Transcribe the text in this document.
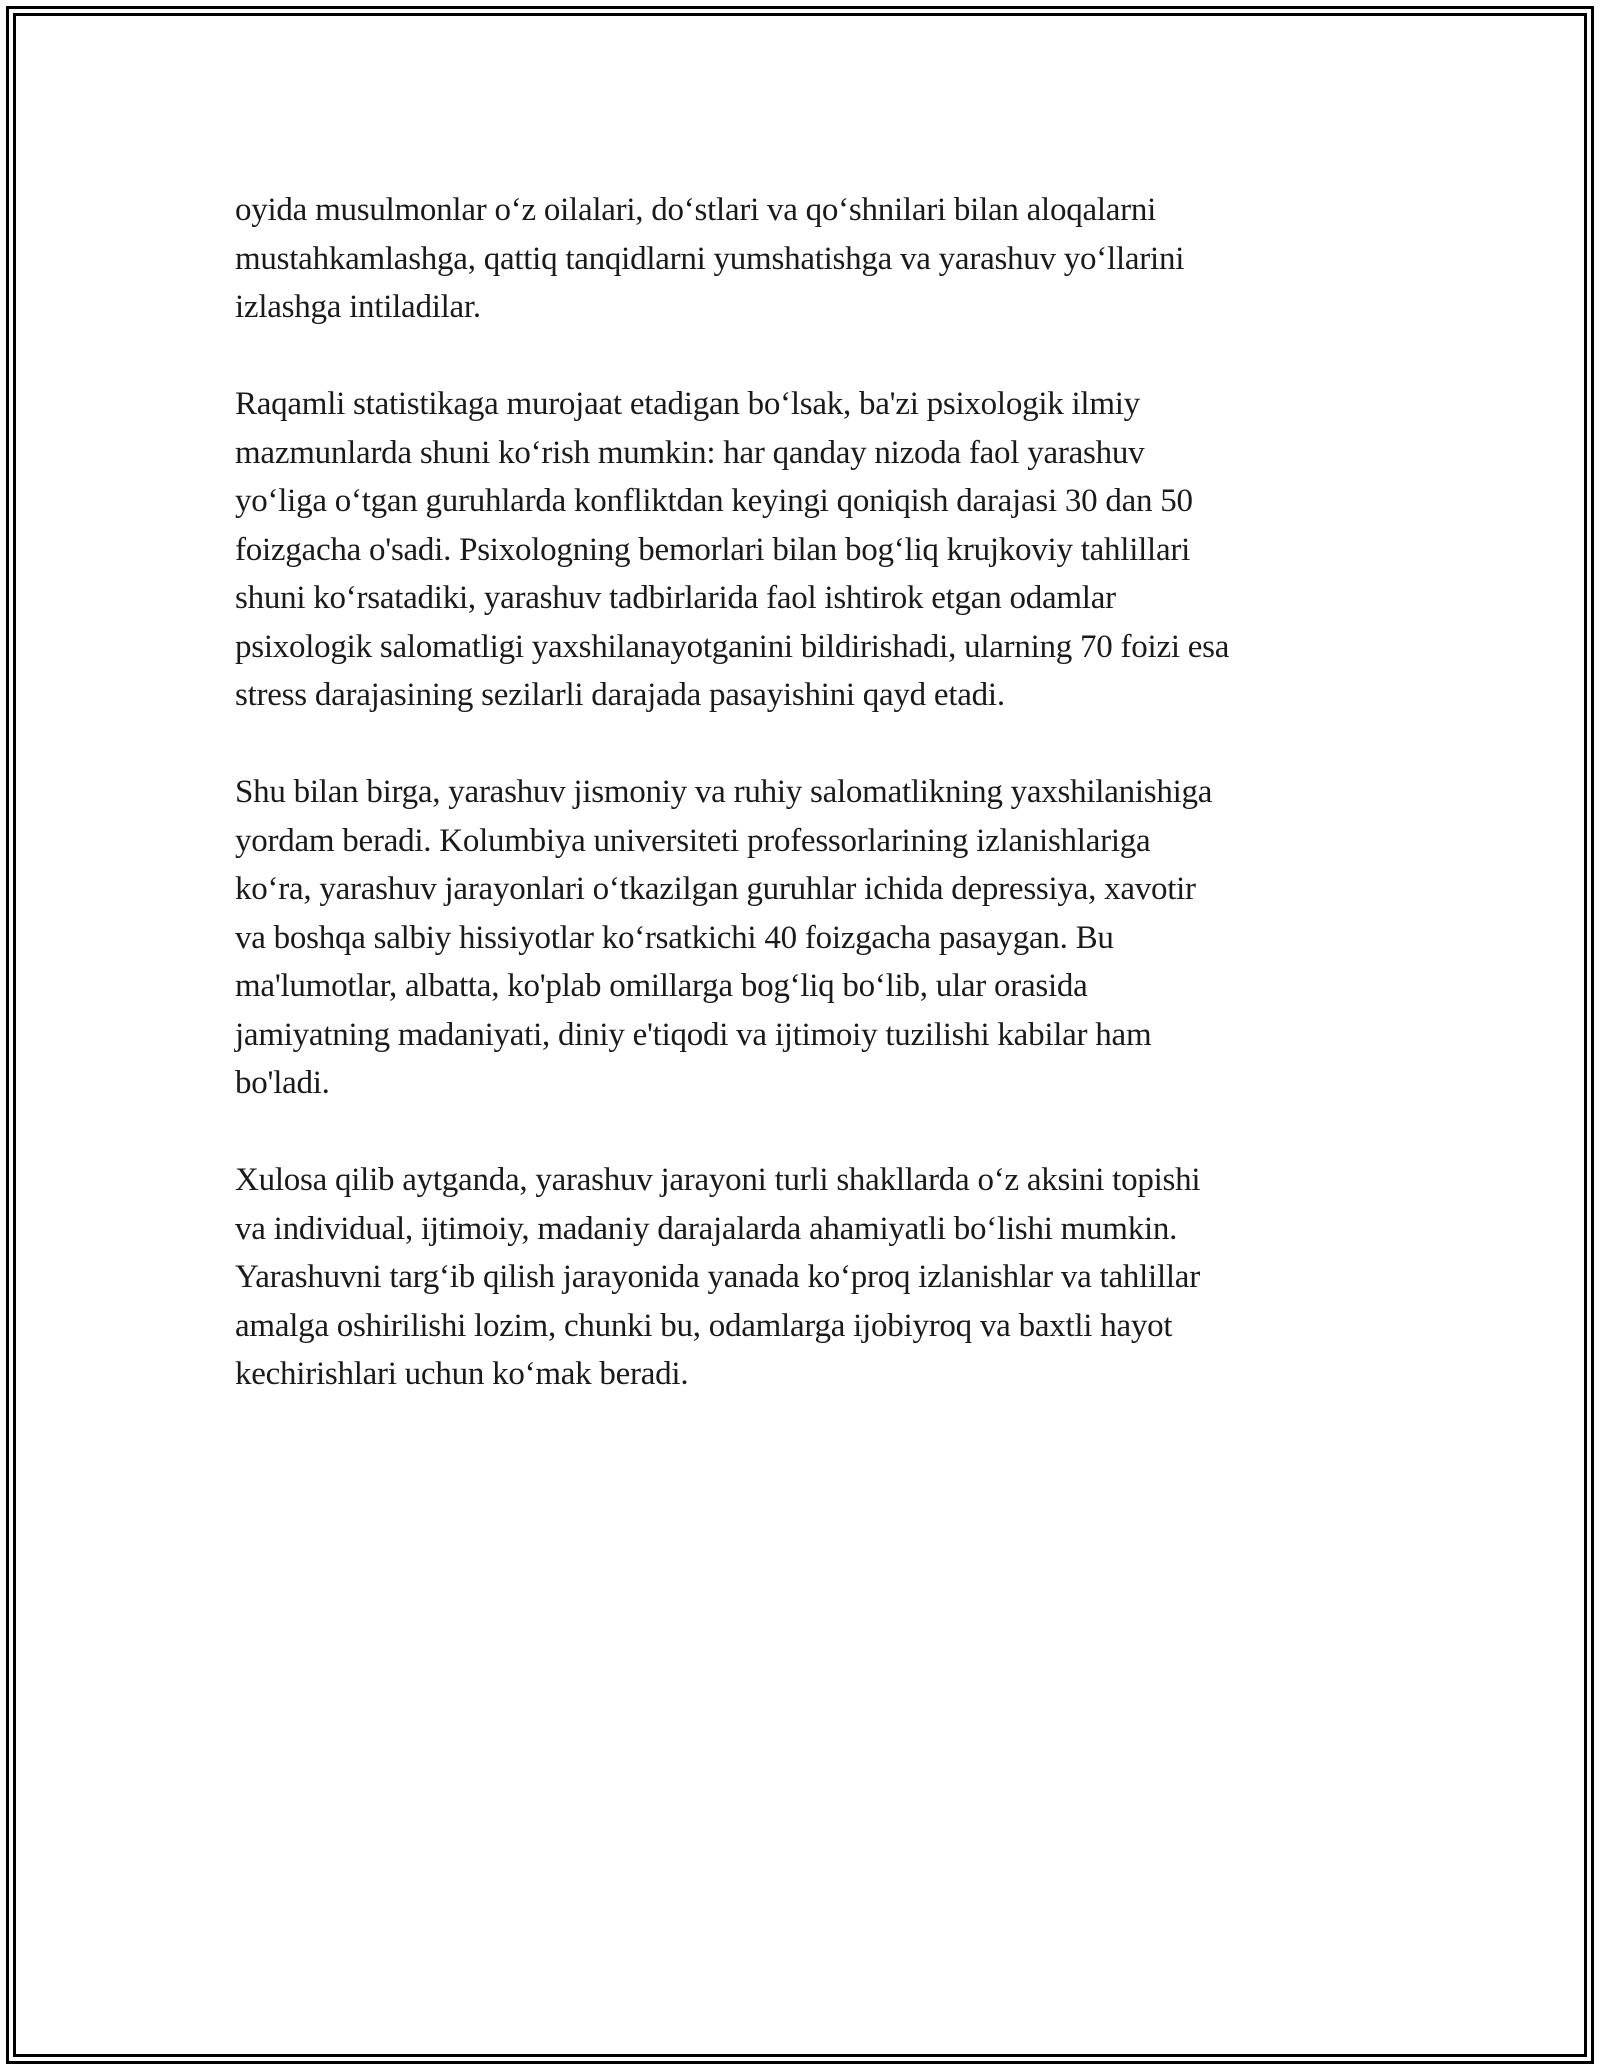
oyida musulmonlar o‘z oilalari, do‘stlari va qo‘shnilari bilan aloqalarni
mustahkamlashga, qattiq tanqidlarni yumshatishga va yarashuv yo‘llarini
izlashga intiladilar.

Raqamli statistikaga murojaat etadigan bo‘lsak, ba'zi psixologik ilmiy
mazmunlarda shuni ko‘rish mumkin: har qanday nizoda faol yarashuv
yo‘liga o‘tgan guruhlarda konfliktdan keyingi qoniqish darajasi 30 dan 50
foizgacha o'sadi. Psixologning bemorlari bilan bog‘liq krujkoviy tahlillari
shuni ko‘rsatadiki, yarashuv tadbirlarida faol ishtirok etgan odamlar
psixologik salomatligi yaxshilanayotganini bildirishadi, ularning 70 foizi esa
stress darajasining sezilarli darajada pasayishini qayd etadi.

Shu bilan birga, yarashuv jismoniy va ruhiy salomatlikning yaxshilanishiga
yordam beradi. Kolumbiya universiteti professorlarining izlanishlariga
ko‘ra, yarashuv jarayonlari o‘tkazilgan guruhlar ichida depressiya, xavotir
va boshqa salbiy hissiyotlar ko‘rsatkichi 40 foizgacha pasaygan. Bu
ma'lumotlar, albatta, ko'plab omillarga bog‘liq bo‘lib, ular orasida
jamiyatning madaniyati, diniy e'tiqodi va ijtimoiy tuzilishi kabilar ham
bo'ladi.

Xulosa qilib aytganda, yarashuv jarayoni turli shakllarda o‘z aksini topishi
va individual, ijtimoiy, madaniy darajalarda ahamiyatli bo‘lishi mumkin.
Yarashuvni targ‘ib qilish jarayonida yanada ko‘proq izlanishlar va tahlillar
amalga oshirilishi lozim, chunki bu, odamlarga ijobiyroq va baxtli hayot
kechirishlari uchun ko‘mak beradi.
